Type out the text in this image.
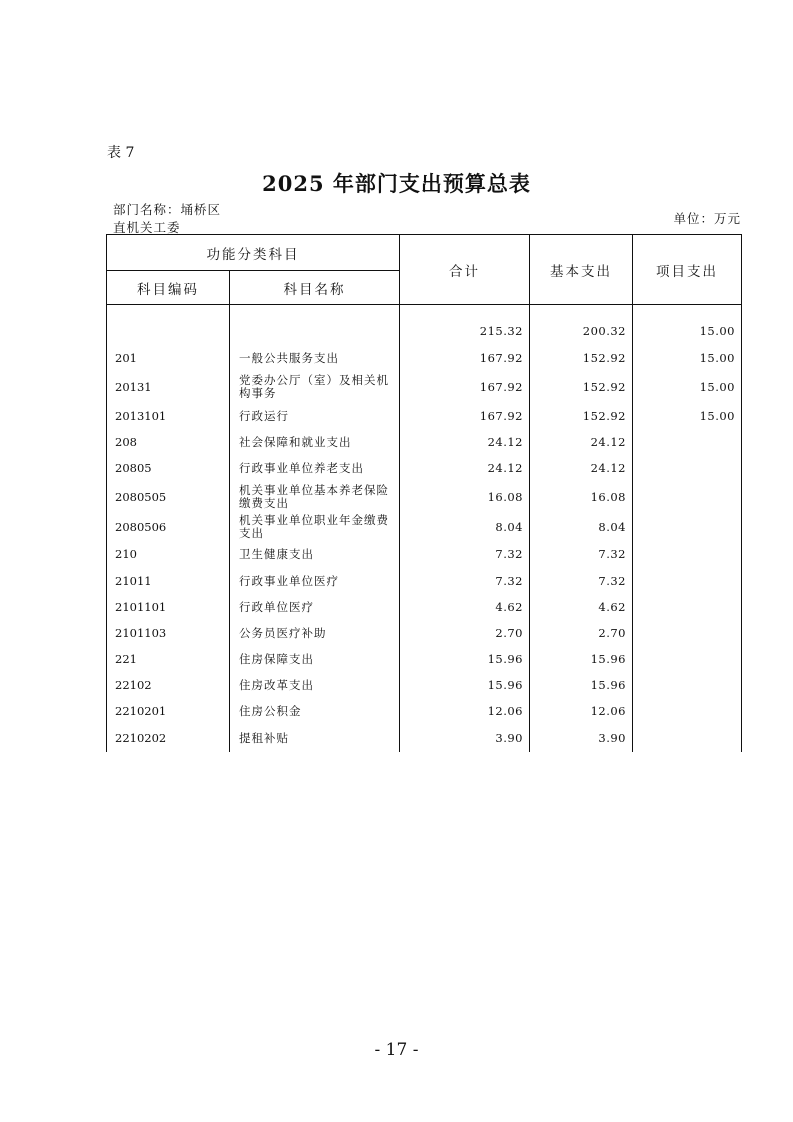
表 7
2025 年部门支出预算总表
部门名称：埇桥区
直机关工委
单位：万元
功能分类科目		合计	基本支出	项目支出
科目编码	科目名称			

		215.32	200.32	15.00
201	一般公共服务支出	167.92	152.92	15.00
20131	党委办公厅（室）及相关机构事务	167.92	152.92	15.00
2013101	行政运行	167.92	152.92	15.00
208	社会保障和就业支出	24.12	24.12	
20805	行政事业单位养老支出	24.12	24.12	
2080505	机关事业单位基本养老保险缴费支出	16.08	16.08	
2080506	机关事业单位职业年金缴费支出	8.04	8.04	
210	卫生健康支出	7.32	7.32	
21011	行政事业单位医疗	7.32	7.32	
2101101	行政单位医疗	4.62	4.62	
2101103	公务员医疗补助	2.70	2.70	
221	住房保障支出	15.96	15.96	
22102	住房改革支出	15.96	15.96	
2210201	住房公积金	12.06	12.06	
2210202	提租补贴	3.90	3.90	
- 17 -
